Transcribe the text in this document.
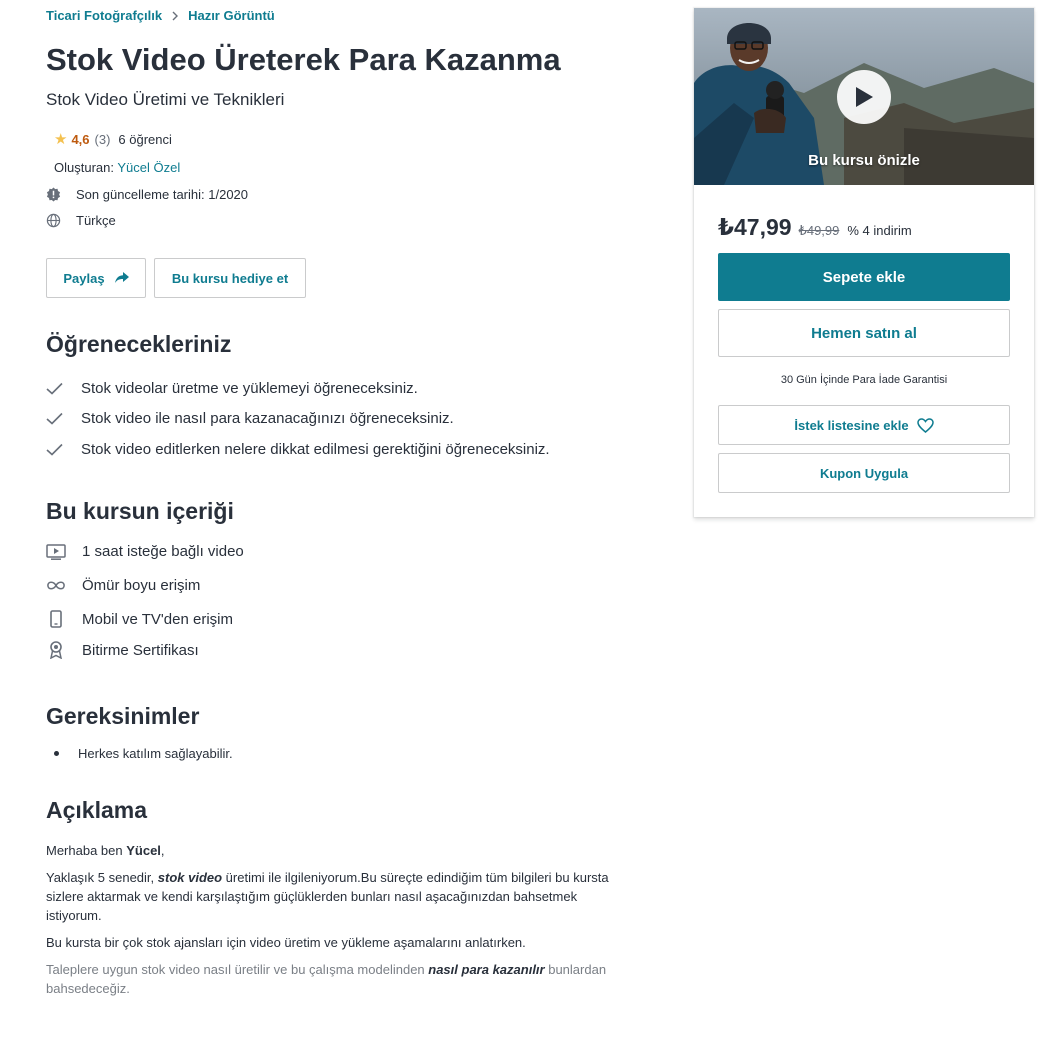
Ticari Fotoğrafçılık Hazır Görüntü
Stok Video Üreterek Para Kazanma
Stok Video Üretimi ve Teknikleri
★ 4,6 (3) 6 öğrenci
Oluşturan: Yücel Özel
Son güncelleme tarihi: 1/2020
Türkçe
Paylaş	Bu kursu hediye et
Öğrenecekleriniz
Stok videolar üretme ve yüklemeyi öğreneceksiniz.
Stok video ile nasıl para kazanacağınızı öğreneceksiniz.
Stok video editlerken nelere dikkat edilmesi gerektiğini öğreneceksiniz.
Bu kursun içeriği
1 saat isteğe bağlı video
Ömür boyu erişim
Mobil ve TV'den erişim
Bitirme Sertifikası
Gereksinimler
Herkes katılım sağlayabilir.
Açıklama

Merhaba ben Yücel,

Yaklaşık 5 senedir, stok video üretimi ile ilgileniyorum.Bu süreçte edindiğim tüm bilgileri bu kursta sizlere aktarmak ve kendi karşılaştığım güçlüklerden bunları nasıl aşacağınızdan bahsetmek istiyorum.

Bu kursta bir çok stok ajansları için video üretim ve yükleme aşamalarını anlatırken.

Taleplere uygun stok video nasıl üretilir ve bu çalışma modelinden nasıl para kazanılır bunlardan bahsedeceğiz.

Bu kursu önizle
₺47,99 ₺49,99 % 4 indirim
Sepete ekle
Hemen satın al
30 Gün İçinde Para İade Garantisi
İstek listesine ekle
Kupon Uygula
